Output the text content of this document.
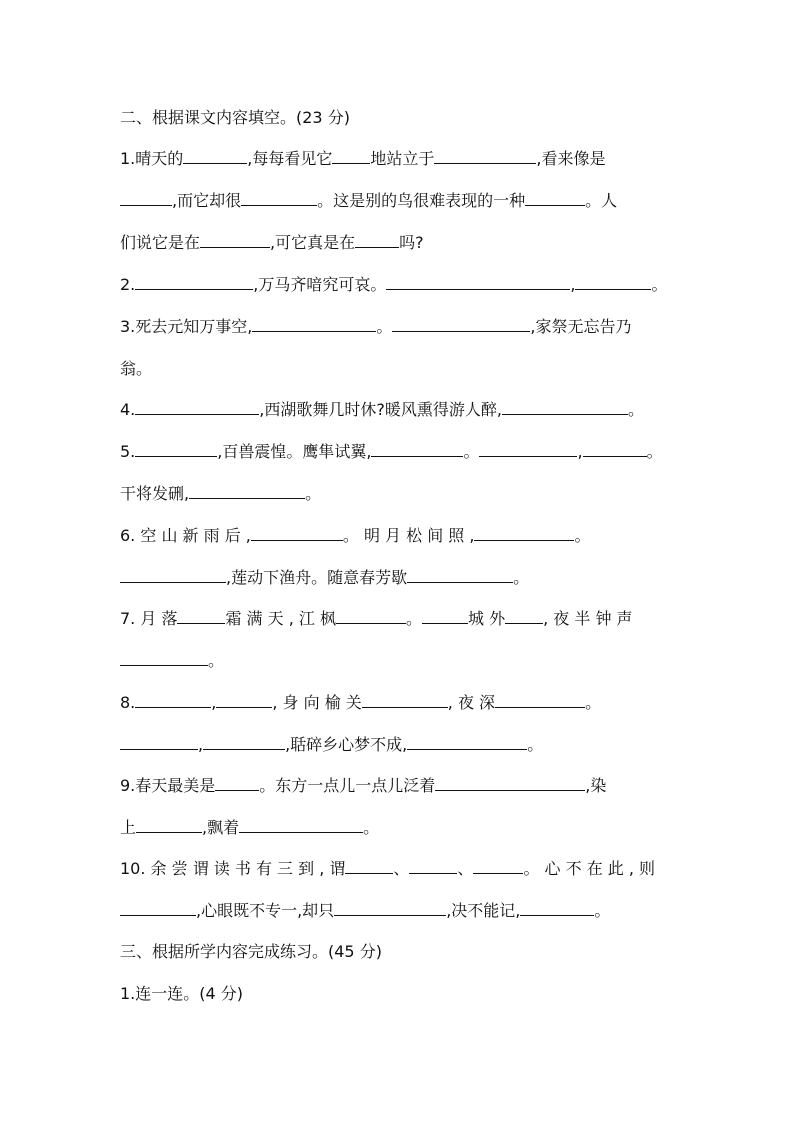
二、根据课文内容填空。(23 分)
1.晴天的	,每每看见它 地站立于	,看来像是
,而它却很	。这是别的鸟很难表现的一种	。人
们说它是在	,可它真是在	吗?
2.	,万马齐喑究可哀。	,	。
3.死去元知万事空,	。	,家祭无忘告乃
翁。
4.	,西湖歌舞几时休?暖风熏得游人醉,	。
5.	,百兽震惶。鹰隼试翼,	。	,	。
干将发硎,	。
6. 空 山 新 雨 后 ,	。 明 月 松 间 照 ,	。
,莲动下渔舟。随意春芳歇	。
7. 月 落	霜 满 天 , 江 枫	。	城 外 , 夜 半 钟 声
。
8.	,	, 身 向 榆 关	, 夜 深	。
,	,聒碎乡心梦不成,	。
9.春天最美是	。东方一点儿一点儿泛着	,染
上	,飘着	。
10. 余 尝 谓 读 书 有 三 到 , 谓	、	、	。 心 不 在 此 , 则
,心眼既不专一,却只	,决不能记,	。
三、根据所学内容完成练习。(45 分)
1.连一连。(4 分)
